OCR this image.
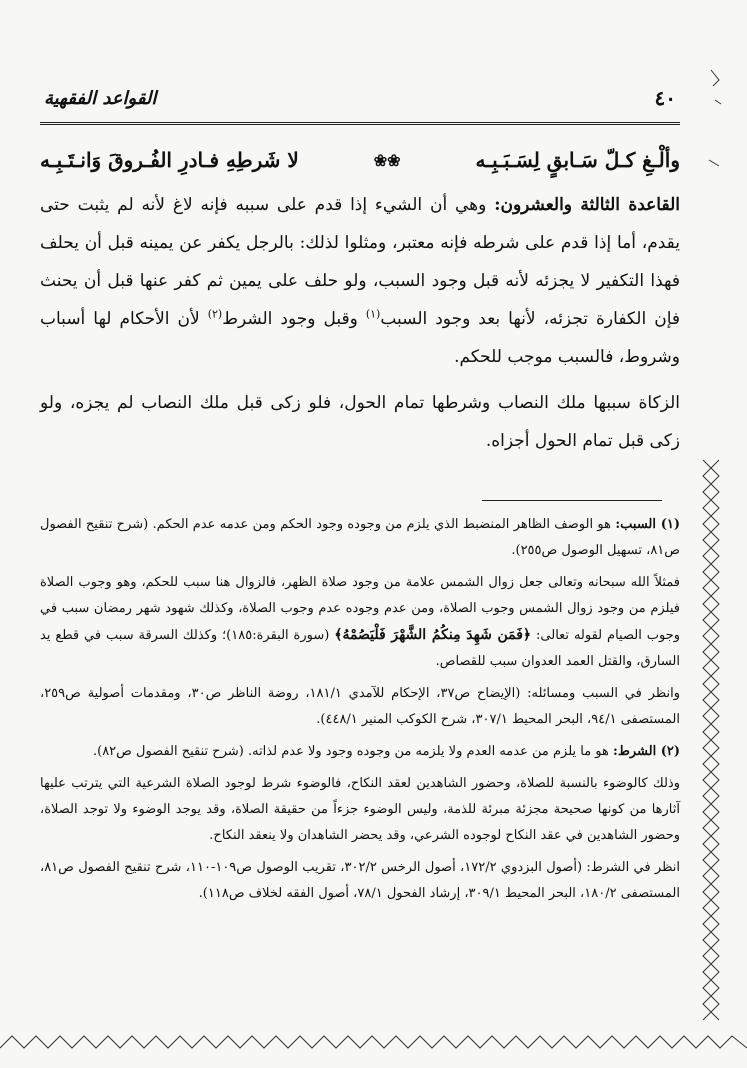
القواعد الفقهية	٤٠
وألْـغِ كـلّ سَـابقٍ لِسَـبَـبِـه
❀❀
لا شَرطِهِ فـادرِ الفُـروقَ وَانـتَـبِـه

القاعدة الثالثة والعشرون: وهي أن الشيء إذا قدم على سببه فإنه لاغ لأنه لم يثبت حتى يقدم، أما إذا قدم على شرطه فإنه معتبر، ومثلوا لذلك: بالرجل يكفر عن يمينه قبل أن يحلف فهذا التكفير لا يجزئه لأنه قبل وجود السبب، ولو حلف على يمين ثم كفر عنها قبل أن يحنث فإن الكفارة تجزئه، لأنها بعد وجود السبب$^{(١)}$ وقبل وجود الشرط$^{(٢)}$ لأن الأحكام لها أسباب وشروط، فالسبب موجب للحكم.

الزكاة سببها ملك النصاب وشرطها تمام الحول، فلو زكى قبل ملك النصاب لم يجزه، ولو زكى قبل تمام الحول أجزاه.

(١) السبب: هو الوصف الظاهر المنضبط الذي يلزم من وجوده وجود الحكم ومن عدمه عدم الحكم. (شرح تنقيح الفصول ص٨١، تسهيل الوصول ص٢٥٥).

فمثلاً الله سبحانه وتعالى جعل زوال الشمس علامة من وجود صلاة الظهر، فالزوال هنا سبب للحكم، وهو وجوب الصلاة فيلزم من وجود زوال الشمس وجوب الصلاة، ومن عدم وجوده عدم وجوب الصلاة، وكذلك شهود شهر رمضان سبب في وجوب الصيام لقوله تعالى: ﴿فَمَن شَهِدَ مِنكُمُ الشَّهْرَ فَلْيَصُمْهُ﴾ (سورة البقرة:١٨٥)؛ وكذلك السرقة سبب في قطع يد السارق، والقتل العمد العدوان سبب للقصاص.

وانظر في السبب ومسائله: (الإيضاح ص٣٧، الإحكام للآمدي ١٨١/١، روضة الناظر ص٣٠، ومقدمات أصولية ص٢٥٩، المستصفى ٩٤/١، البحر المحيط ٣٠٧/١، شرح الكوكب المنير ٤٤٨/١).

(٢) الشرط: هو ما يلزم من عدمه العدم ولا يلزمه من وجوده وجود ولا عدم لذاته. (شرح تنقيح الفصول ص٨٢).

وذلك كالوضوء بالنسبة للصلاة، وحضور الشاهدين لعقد النكاح، فالوضوء شرط لوجود الصلاة الشرعية التي يترتب عليها آثارها من كونها صحيحة مجزئة مبرئة للذمة، وليس الوضوء جزءاً من حقيقة الصلاة، وقد يوجد الوضوء ولا توجد الصلاة، وحضور الشاهدين في عقد النكاح لوجوده الشرعي، وقد يحضر الشاهدان ولا ينعقد النكاح.

انظر في الشرط: (أصول البزدوي ١٧٢/٢، أصول الرخس ٣٠٢/٢، تقريب الوصول ص١٠٩-١١٠، شرح تنقيح الفصول ص٨١، المستصفى ١٨٠/٢، البحر المحيط ٣٠٩/١، إرشاد الفحول ٧٨/١، أصول الفقه لخلاف ص١١٨).
